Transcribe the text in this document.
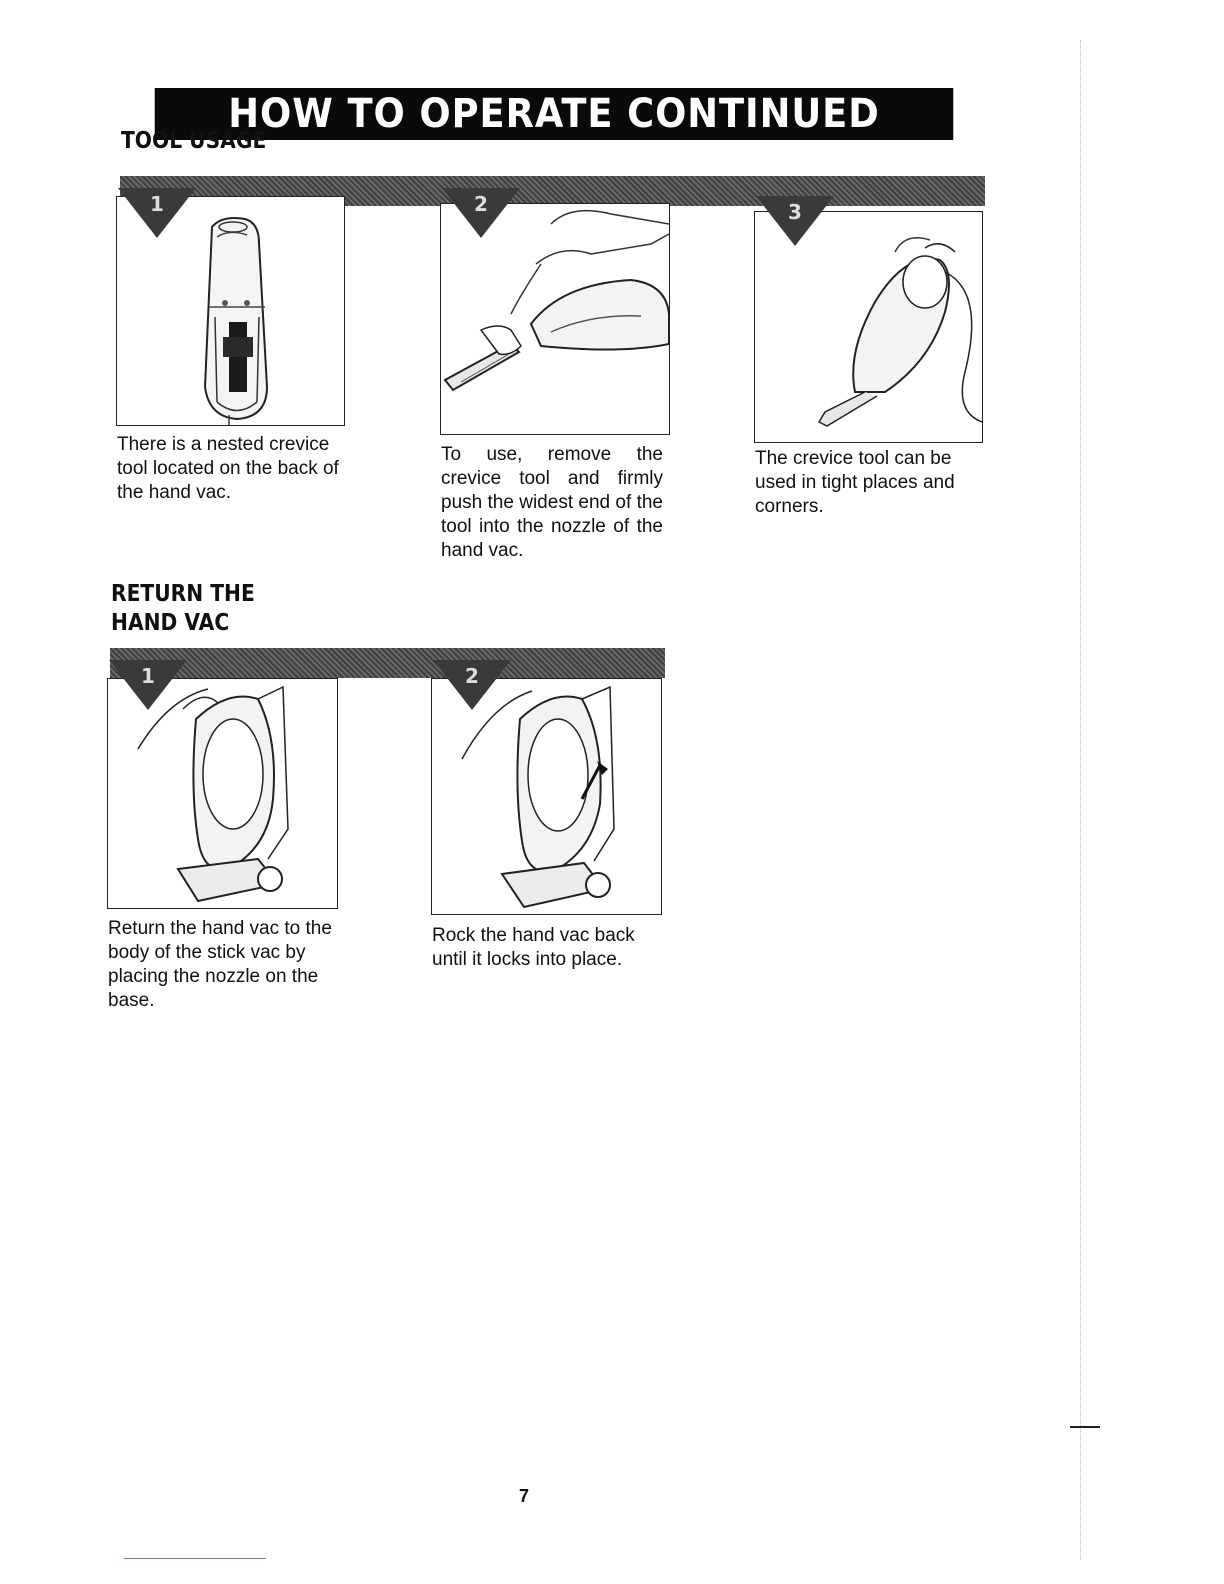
HOW TO OPERATE CONTINUED
TOOL USAGE
1
There is a nested crevice tool located on the back of the hand vac.
2
To use, remove the crevice tool and firmly push the widest end of the tool into the nozzle of the hand vac.
3
The crevice tool can be used in tight places and corners.
RETURN THE
HAND VAC
1
Return the hand vac to the body of the stick vac by placing the nozzle on the base.
2
Rock the hand vac back until it locks into place.
7
